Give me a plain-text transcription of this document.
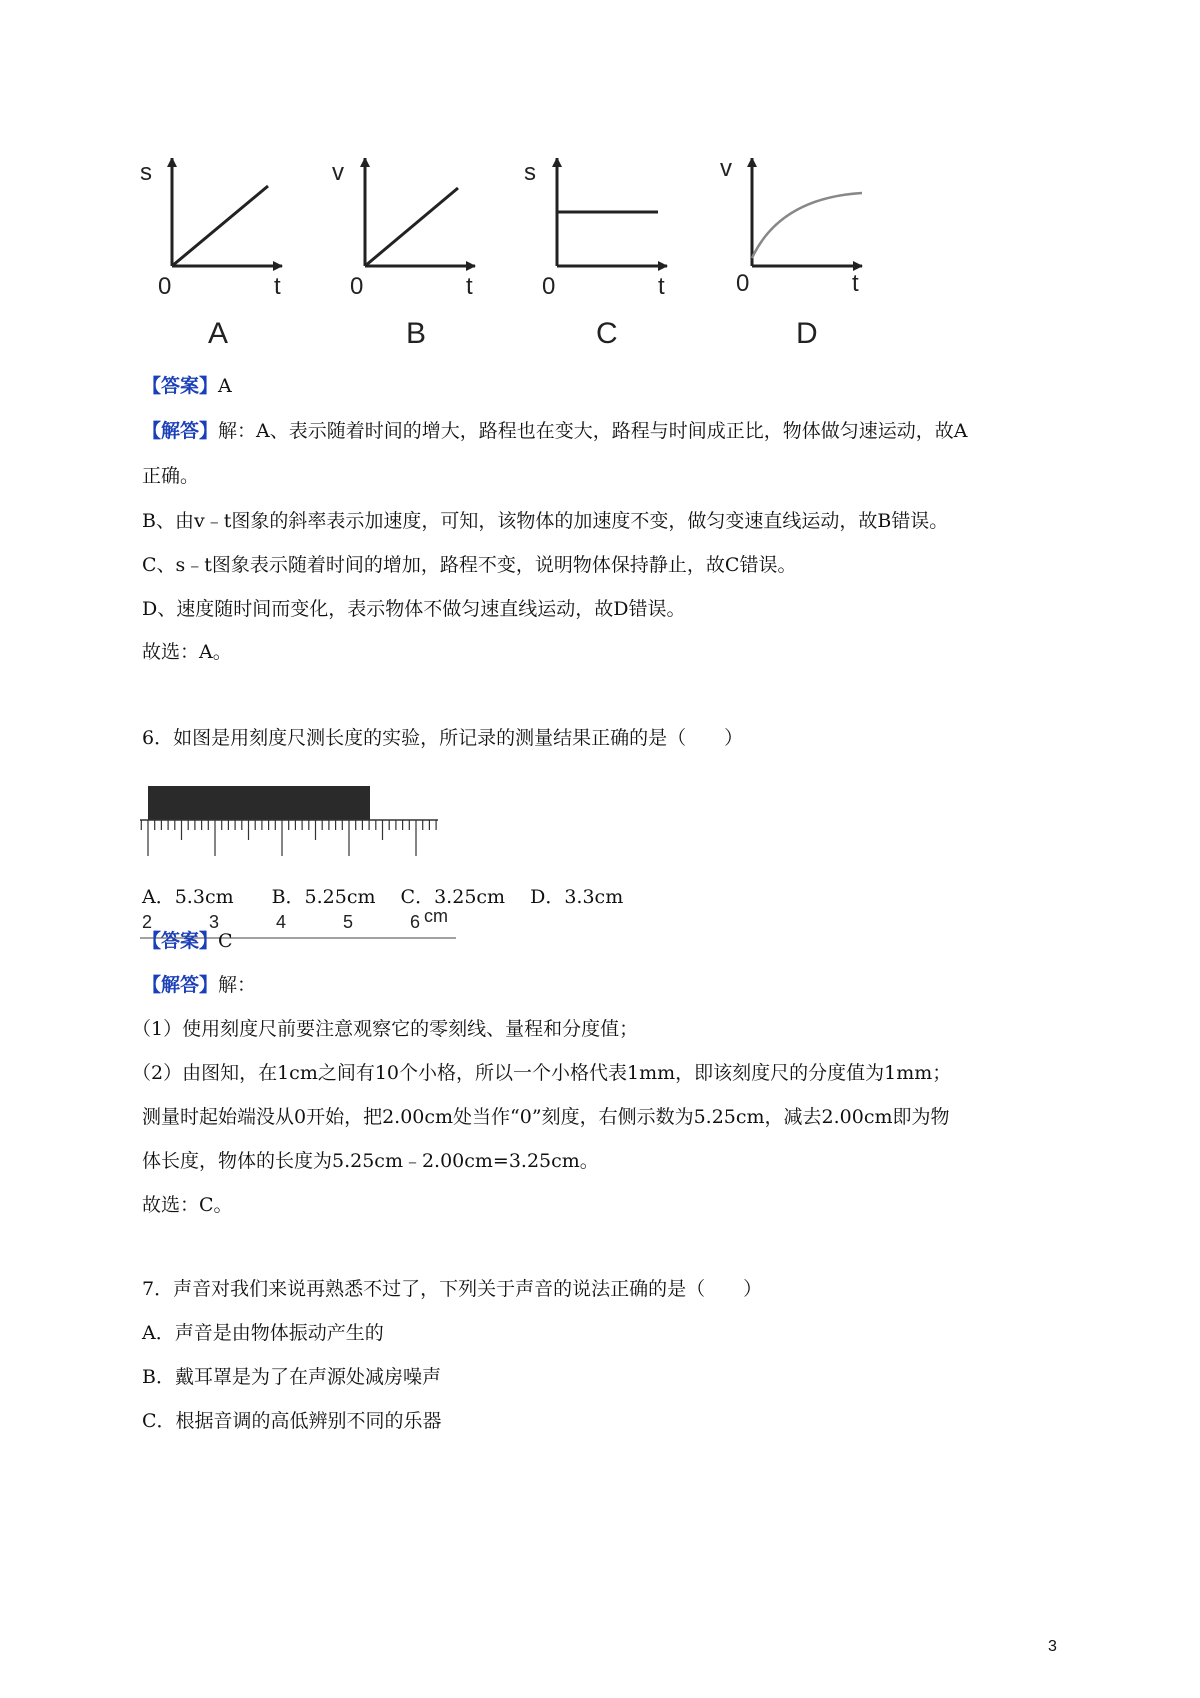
s
0	t
A
v
0	t
B
s
0	t
C
v
0	t
D
【答案】A
【解答】解：A、表示随着时间的增大，路程也在变大，路程与时间成正比，物体做匀速运动，故A
正确。
B、由v﹣t图象的斜率表示加速度，可知，该物体的加速度不变，做匀变速直线运动，故B错误。
C、s﹣t图象表示随着时间的增加，路程不变，说明物体保持静止，故C错误。
D、速度随时间而变化，表示物体不做匀速直线运动，故D错误。
故选：A。
6．如图是用刻度尺测长度的实验，所记录的测量结果正确的是（　　）
2	3	4	5	6 cm
A．5.3cm　　B．5.25cm　 C．3.25cm　 D．3.3cm
【答案】C
【解答】解：
（1）使用刻度尺前要注意观察它的零刻线、量程和分度值；
（2）由图知，在1cm之间有10个小格，所以一个小格代表1mm，即该刻度尺的分度值为1mm；
测量时起始端没从0开始，把2.00cm处当作“0”刻度，右侧示数为5.25cm，减去2.00cm即为物
体长度，物体的长度为5.25cm﹣2.00cm=3.25cm。
故选：C。
7．声音对我们来说再熟悉不过了，下列关于声音的说法正确的是（　　）
A．声音是由物体振动产生的
B．戴耳罩是为了在声源处减房噪声
C．根据音调的高低辨别不同的乐器
3
